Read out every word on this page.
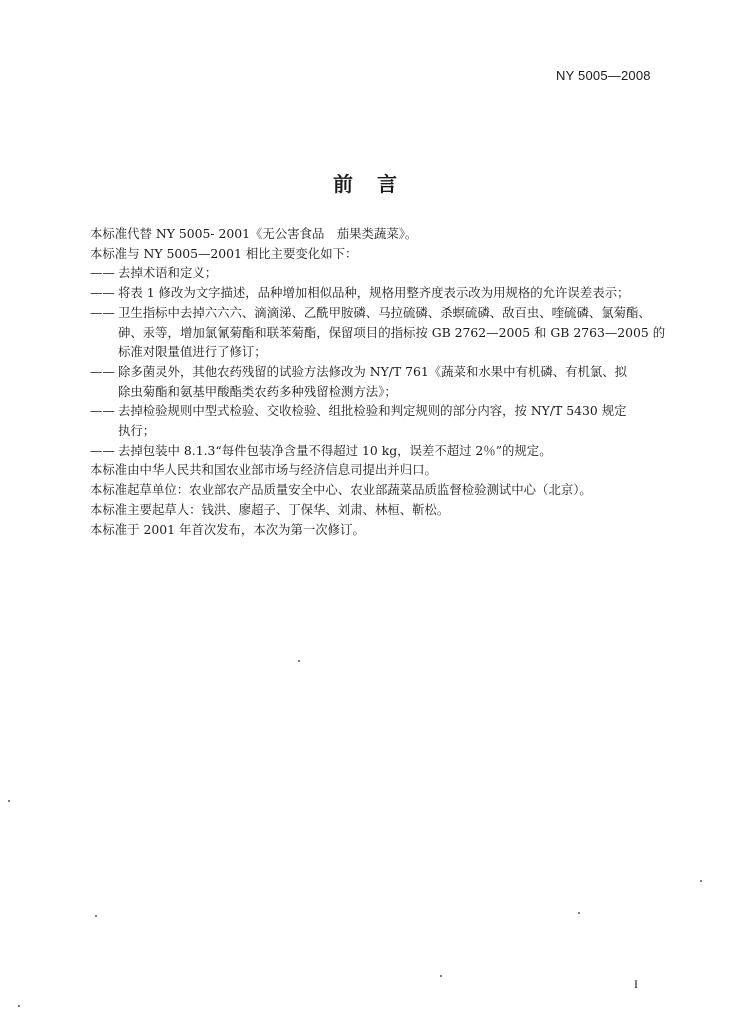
NY 5005—2008
前言
本标准代替 NY 5005- 2001《无公害食品　茄果类蔬菜》。
本标准与 NY 5005—2001 相比主要变化如下：
—— 去掉术语和定义；
—— 将表 1 修改为文字描述，品种增加相似品种，规格用整齐度表示改为用规格的允许误差表示；
—— 卫生指标中去掉六六六、滴滴涕、乙酰甲胺磷、马拉硫磷、杀螟硫磷、敌百虫、喹硫磷、氯菊酯、
砷、汞等，增加氯氰菊酯和联苯菊酯，保留项目的指标按 GB 2762—2005 和 GB 2763—2005 的
标准对限量值进行了修订；
—— 除多菌灵外，其他农药残留的试验方法修改为 NY/T 761《蔬菜和水果中有机磷、有机氯、拟
除虫菊酯和氨基甲酸酯类农药多种残留检测方法》；
—— 去掉检验规则中型式检验、交收检验、组批检验和判定规则的部分内容，按 NY/T 5430 规定
执行；
—— 去掉包装中 8.1.3“每件包装净含量不得超过 10 kg，误差不超过 2％”的规定。
本标准由中华人民共和国农业部市场与经济信息司提出并归口。
本标准起草单位：农业部农产品质量安全中心、农业部蔬菜品质监督检验测试中心（北京）。
本标准主要起草人：钱洪、廖超子、丁保华、刘肃、林桓、靳松。
本标准于 2001 年首次发布，本次为第一次修订。
I
